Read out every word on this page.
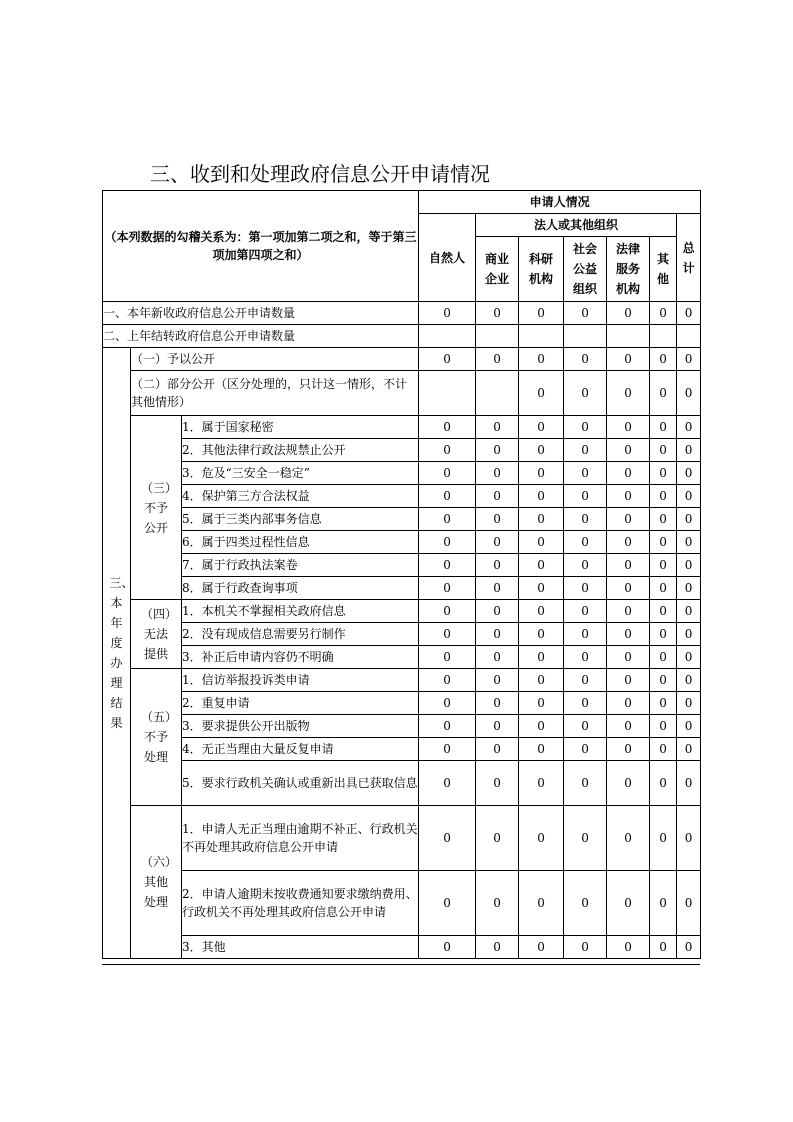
三、收到和处理政府信息公开申请情况
（本列数据的勾稽关系为：第一项加第二项之和，等于第三项加第四项之和）			申请人情况						
			自然人	法人或其他组织					总计
				商业企业	科研机构	社会公益组织	法律服务机构	其他	
一、本年新收政府信息公开申请数量			0	0	0	0	0	0	0
二、上年结转政府信息公开申请数量									
三、本年度办理结果	（一）予以公开		0	0	0	0	0	0	0
	（二）部分公开（区分处理的，只计这一情形，不计其他情形）				0	0	0	0	0
	（三）不予公开	1．属于国家秘密	0	0	0	0	0	0	0
		2．其他法律行政法规禁止公开	0	0	0	0	0	0	0
		3．危及“三安全一稳定”	0	0	0	0	0	0	0
		4．保护第三方合法权益	0	0	0	0	0	0	0
		5．属于三类内部事务信息	0	0	0	0	0	0	0
		6．属于四类过程性信息	0	0	0	0	0	0	0
		7．属于行政执法案卷	0	0	0	0	0	0	0
		8．属于行政查询事项	0	0	0	0	0	0	0
	（四）无法提供	1．本机关不掌握相关政府信息	0	0	0	0	0	0	0
		2．没有现成信息需要另行制作	0	0	0	0	0	0	0
		3．补正后申请内容仍不明确	0	0	0	0	0	0	0
	（五）不予处理	1．信访举报投诉类申请	0	0	0	0	0	0	0
		2．重复申请	0	0	0	0	0	0	0
		3．要求提供公开出版物	0	0	0	0	0	0	0
		4．无正当理由大量反复申请	0	0	0	0	0	0	0
		5．要求行政机关确认或重新出具已获取信息	0	0	0	0	0	0	0
	（六）其他处理	1．申请人无正当理由逾期不补正、行政机关不再处理其政府信息公开申请	0	0	0	0	0	0	0
		2．申请人逾期未按收费通知要求缴纳费用、行政机关不再处理其政府信息公开申请	0	0	0	0	0	0	0
		3．其他	0	0	0	0	0	0	0
